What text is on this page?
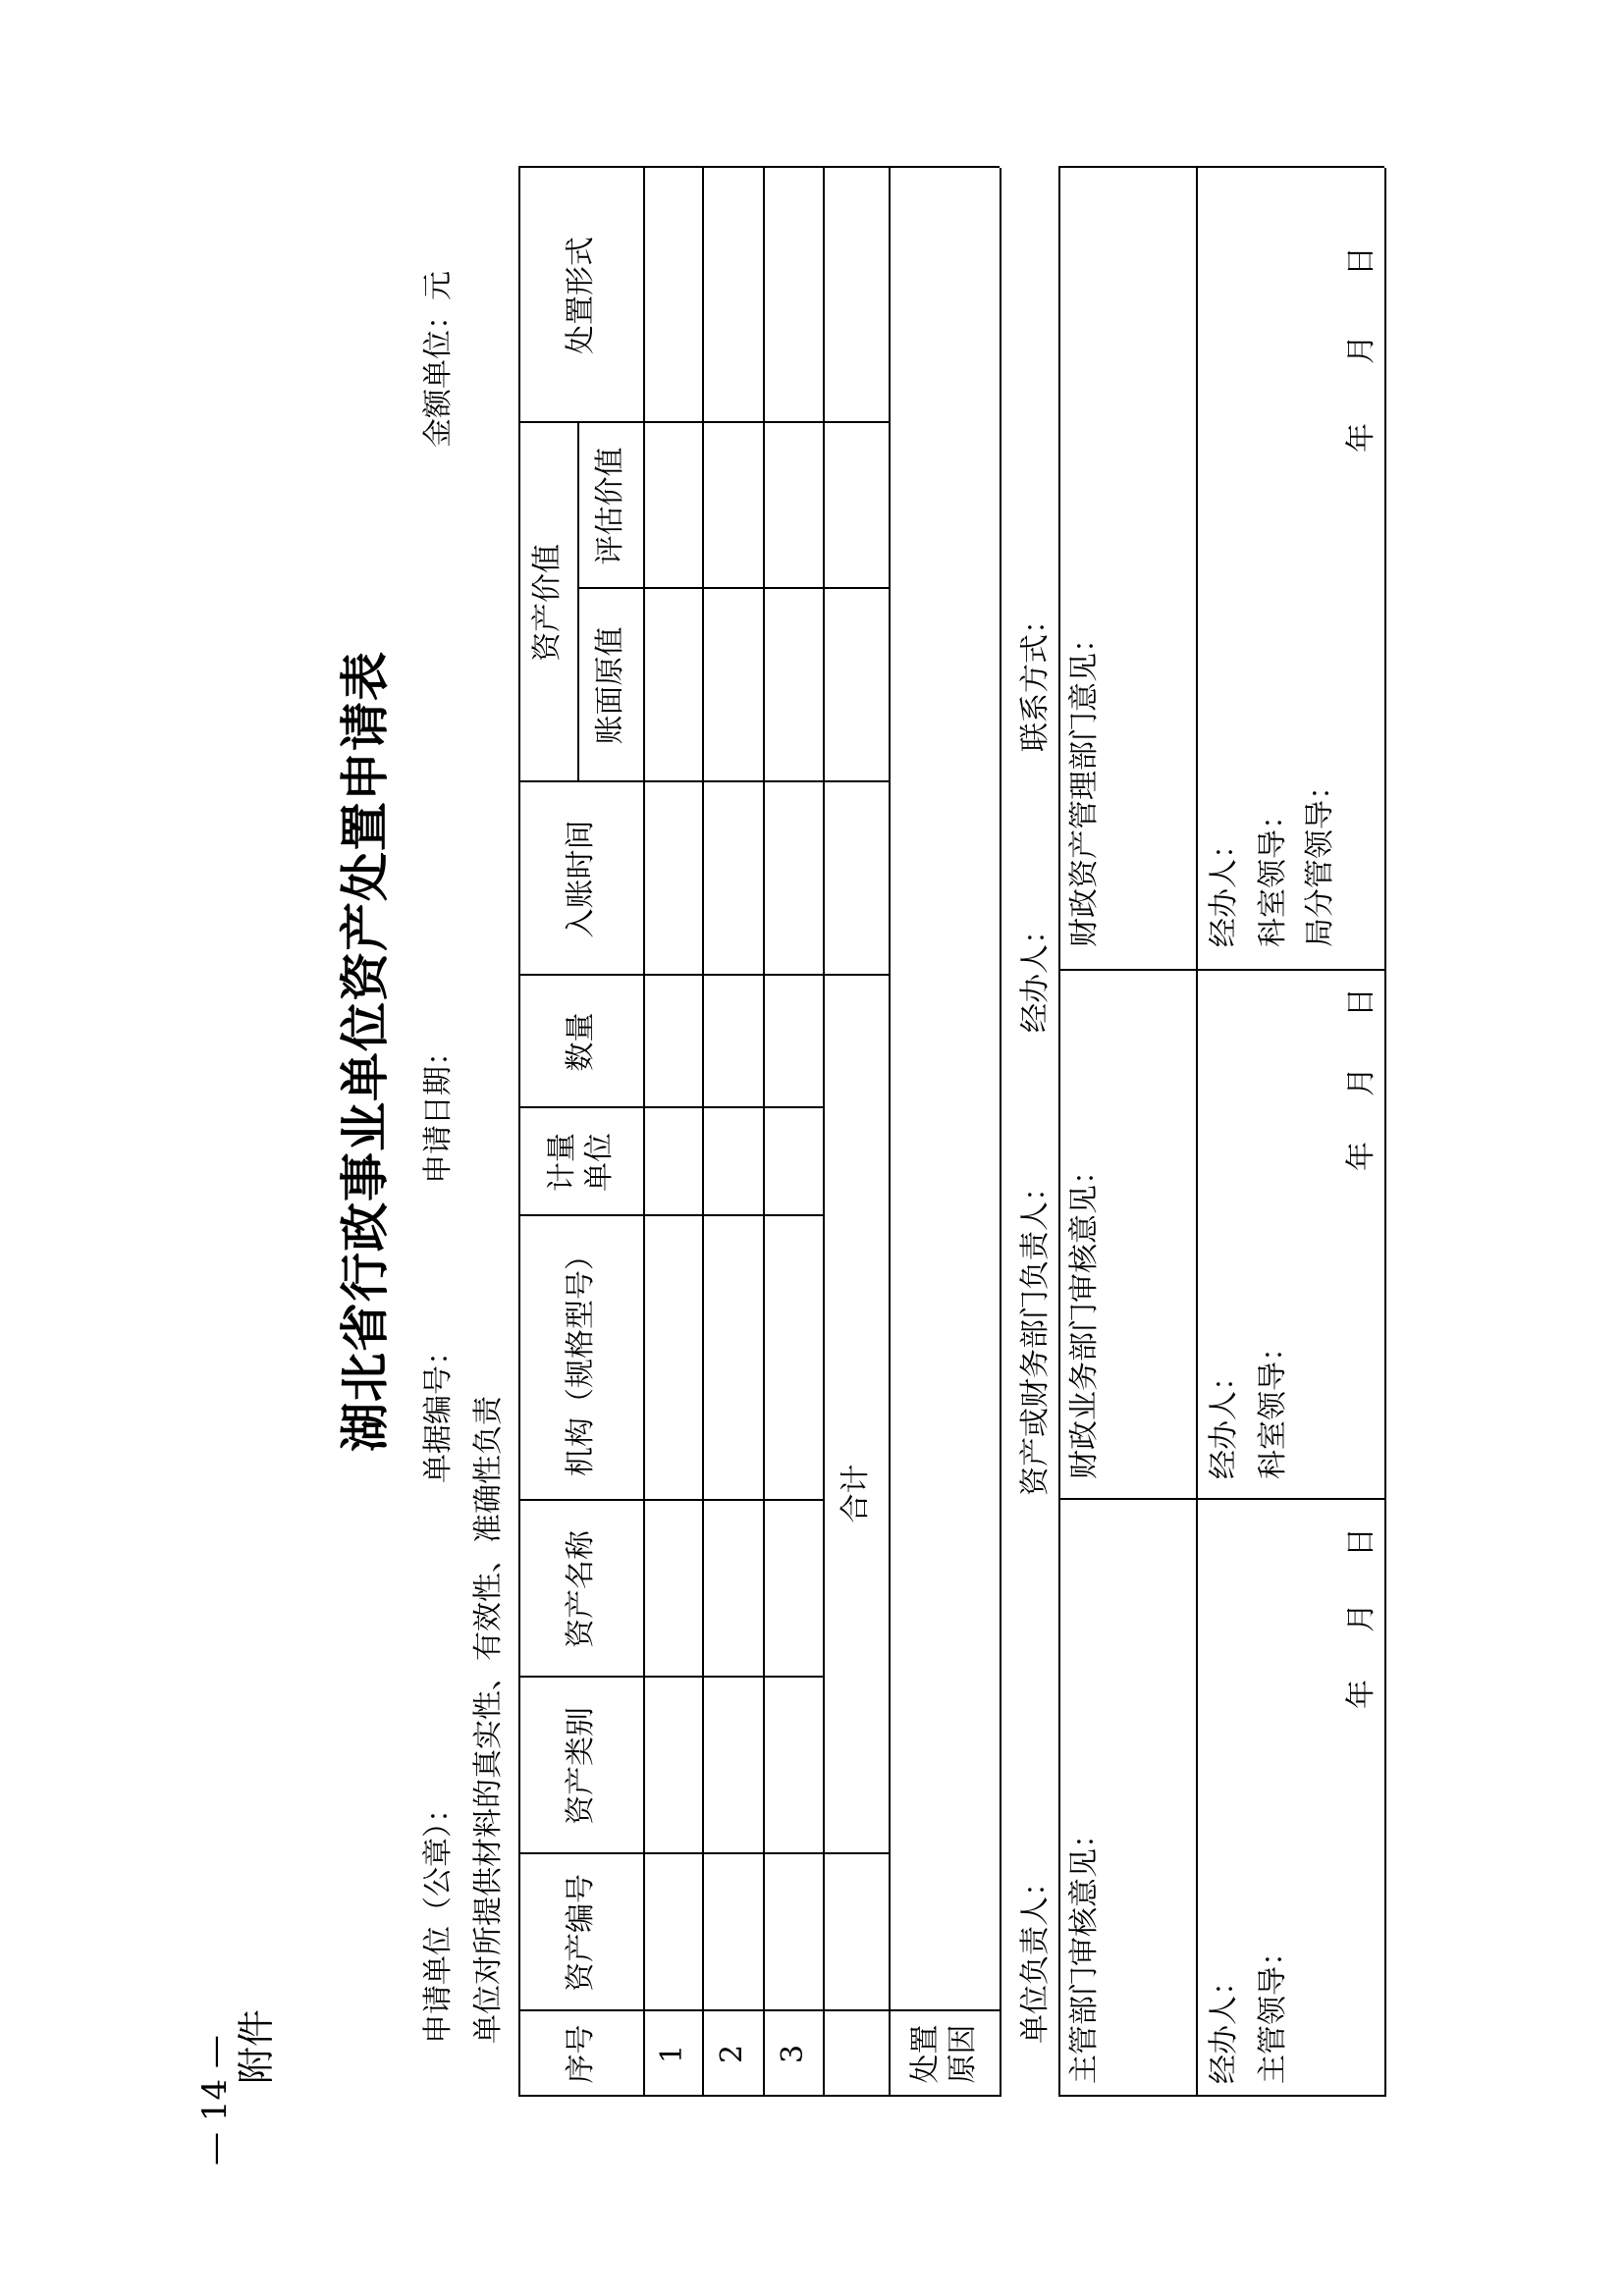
附件
— 14 —
湖北省行政事业单位资产处置申请表
申请单位（公章）：
单据编号：
申请日期：
金额单位：元
单位对所提供材料的真实性、有效性、准确性负责
序号
资产编号
资产类别
资产名称
机构（规格型号）
计量 单位
数量
入账时间
资产价值
账面原值
评估价值
处置形式
1 2 3
合计
处置 原因
单位负责人：
资产或财务部门负责人：
经办人：
联系方式：
主管部门审核意见：
财政业务部门审核意见：
财政资产管理部门意见：
经办人： 主管领导：
年
月
日
经办人： 科室领导：
年
月
日
经办人： 科室领导： 局分管领导：
年
月
日
